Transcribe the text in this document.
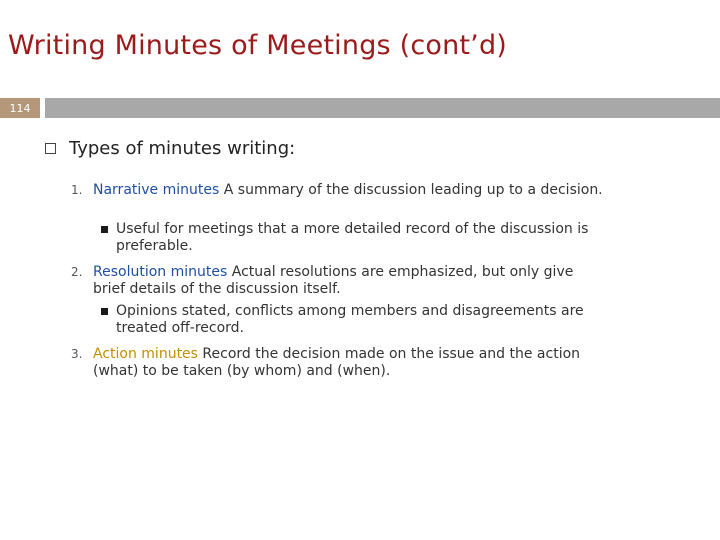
Writing Minutes of Meetings (cont’d)
114
Types of minutes writing:
1. Narrative minutes A summary of the discussion leading up to a decision.
Useful for meetings that a more detailed record of the discussion is preferable.
2. Resolution minutes Actual resolutions are emphasized, but only give brief details of the discussion itself.
Opinions stated, conflicts among members and disagreements are treated off-record.
3. Action minutes Record the decision made on the issue and the action (what) to be taken (by whom) and (when).
